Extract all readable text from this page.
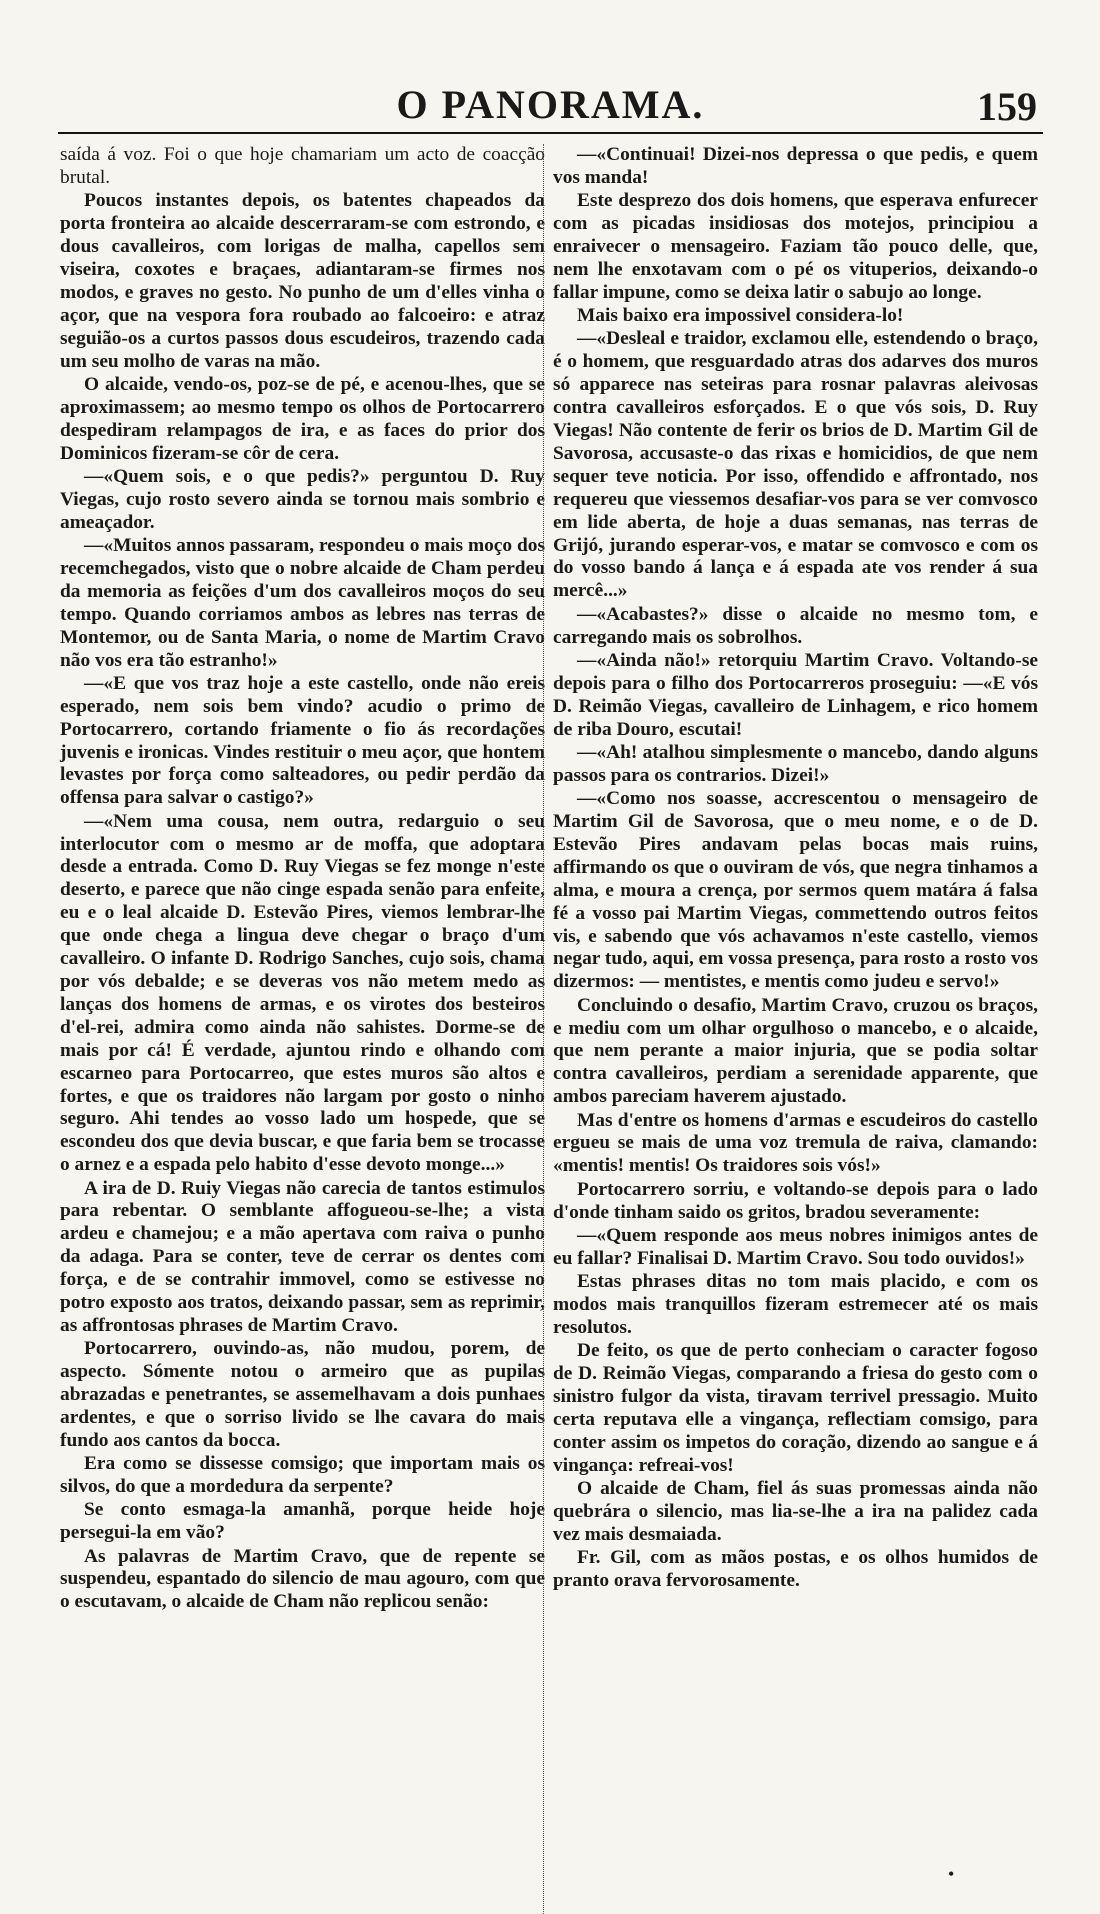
O PANORAMA.	159

saída á voz. Foi o que hoje chamariam um acto de coacção brutal.

Poucos instantes depois, os batentes chapeados da porta fronteira ao alcaide descerraram-se com estrondo, e dous cavalleiros, com lorigas de malha, capellos sem viseira, coxotes e braçaes, adiantaram-se firmes nos modos, e graves no gesto. No punho de um d'elles vinha o açor, que na vespora fora roubado ao falcoeiro: e atraz seguião-os a curtos passos dous escudeiros, trazendo cada um seu molho de varas na mão.

O alcaide, vendo-os, poz-se de pé, e acenou-lhes, que se aproximassem; ao mesmo tempo os olhos de Portocarrero despediram relampagos de ira, e as faces do prior dos Dominicos fizeram-se côr de cera.

—«Quem sois, e o que pedis?» perguntou D. Ruy Viegas, cujo rosto severo ainda se tornou mais sombrio e ameaçador.

—«Muitos annos passaram, respondeu o mais moço dos recemchegados, visto que o nobre alcaide de Cham perdeu da memoria as feições d'um dos cavalleiros moços do seu tempo. Quando corriamos ambos as lebres nas terras de Montemor, ou de Santa Maria, o nome de Martim Cravo não vos era tão estranho!»

—«E que vos traz hoje a este castello, onde não ereis esperado, nem sois bem vindo? acudio o primo de Portocarrero, cortando friamente o fio ás recordações juvenis e ironicas. Vindes restituir o meu açor, que hontem levastes por força como salteadores, ou pedir perdão da offensa para salvar o castigo?»

—«Nem uma cousa, nem outra, redarguio o seu interlocutor com o mesmo ar de moffa, que adoptara desde a entrada. Como D. Ruy Viegas se fez monge n'este deserto, e parece que não cinge espada senão para enfeite, eu e o leal alcaide D. Estevão Pires, viemos lembrar-lhe que onde chega a lingua deve chegar o braço d'um cavalleiro. O infante D. Rodrigo Sanches, cujo sois, chama por vós debalde; e se deveras vos não metem medo as lanças dos homens de armas, e os virotes dos besteiros d'el-rei, admira como ainda não sahistes. Dorme-se de mais por cá! É verdade, ajuntou rindo e olhando com escarneo para Portocarreo, que estes muros são altos e fortes, e que os traidores não largam por gosto o ninho seguro. Ahi tendes ao vosso lado um hospede, que se escondeu dos que devia buscar, e que faria bem se trocasse o arnez e a espada pelo habito d'esse devoto monge...»

A ira de D. Ruiy Viegas não carecia de tantos estimulos para rebentar. O semblante affogueou-se-lhe; a vista ardeu e chamejou; e a mão apertava com raiva o punho da adaga. Para se conter, teve de cerrar os dentes com força, e de se contrahir immovel, como se estivesse no potro exposto aos tratos, deixando passar, sem as reprimir, as affrontosas phrases de Martim Cravo.

Portocarrero, ouvindo-as, não mudou, porem, de aspecto. Sómente notou o armeiro que as pupilas abrazadas e penetrantes, se assemelhavam a dois punhaes ardentes, e que o sorriso livido se lhe cavara do mais fundo aos cantos da bocca.

Era como se dissesse comsigo; que importam mais os silvos, do que a mordedura da serpente?

Se conto esmaga-la amanhã, porque heide hoje persegui-la em vão?

As palavras de Martim Cravo, que de repente se suspendeu, espantado do silencio de mau agouro, com que o escutavam, o alcaide de Cham não replicou senão:

—«Continuai! Dizei-nos depressa o que pedis, e quem vos manda!

Este desprezo dos dois homens, que esperava enfurecer com as picadas insidiosas dos motejos, principiou a enraivecer o mensageiro. Faziam tão pouco delle, que, nem lhe enxotavam com o pé os vituperios, deixando-o fallar impune, como se deixa latir o sabujo ao longe.

Mais baixo era impossivel considera-lo!

—«Desleal e traidor, exclamou elle, estendendo o braço, é o homem, que resguardado atras dos adarves dos muros só apparece nas seteiras para rosnar palavras aleivosas contra cavalleiros esforçados. E o que vós sois, D. Ruy Viegas! Não contente de ferir os brios de D. Martim Gil de Savorosa, accusaste-o das rixas e homicidios, de que nem sequer teve noticia. Por isso, offendido e affrontado, nos requereu que viessemos desafiar-vos para se ver comvosco em lide aberta, de hoje a duas semanas, nas terras de Grijó, jurando esperar-vos, e matar se comvosco e com os do vosso bando á lança e á espada ate vos render á sua mercê...»

—«Acabastes?» disse o alcaide no mesmo tom, e carregando mais os sobrolhos.

—«Ainda não!» retorquiu Martim Cravo. Voltando-se depois para o filho dos Portocarreros proseguiu: —«E vós D. Reimão Viegas, cavalleiro de Linhagem, e rico homem de riba Douro, escutai!

—«Ah! atalhou simplesmente o mancebo, dando alguns passos para os contrarios. Dizei!»

—«Como nos soasse, accrescentou o mensageiro de Martim Gil de Savorosa, que o meu nome, e o de D. Estevão Pires andavam pelas bocas mais ruins, affirmando os que o ouviram de vós, que negra tinhamos a alma, e moura a crença, por sermos quem matára á falsa fé a vosso pai Martim Viegas, commettendo outros feitos vis, e sabendo que vós achavamos n'este castello, viemos negar tudo, aqui, em vossa presença, para rosto a rosto vos dizermos: — mentistes, e mentis como judeu e servo!»

Concluindo o desafio, Martim Cravo, cruzou os braços, e mediu com um olhar orgulhoso o mancebo, e o alcaide, que nem perante a maior injuria, que se podia soltar contra cavalleiros, perdiam a serenidade apparente, que ambos pareciam haverem ajustado.

Mas d'entre os homens d'armas e escudeiros do castello ergueu se mais de uma voz tremula de raiva, clamando: «mentis! mentis! Os traidores sois vós!»

Portocarrero sorriu, e voltando-se depois para o lado d'onde tinham saido os gritos, bradou severamente:

—«Quem responde aos meus nobres inimigos antes de eu fallar? Finalisai D. Martim Cravo. Sou todo ouvidos!»

Estas phrases ditas no tom mais placido, e com os modos mais tranquillos fizeram estremecer até os mais resolutos.

De feito, os que de perto conheciam o caracter fogoso de D. Reimão Viegas, comparando a friesa do gesto com o sinistro fulgor da vista, tiravam terrivel pressagio. Muito certa reputava elle a vingança, reflectiam comsigo, para conter assim os impetos do coração, dizendo ao sangue e á vingança: refreai-vos!

O alcaide de Cham, fiel ás suas promessas ainda não quebrára o silencio, mas lia-se-lhe a ira na palidez cada vez mais desmaiada.

Fr. Gil, com as mãos postas, e os olhos humidos de pranto orava fervorosamente.

•
